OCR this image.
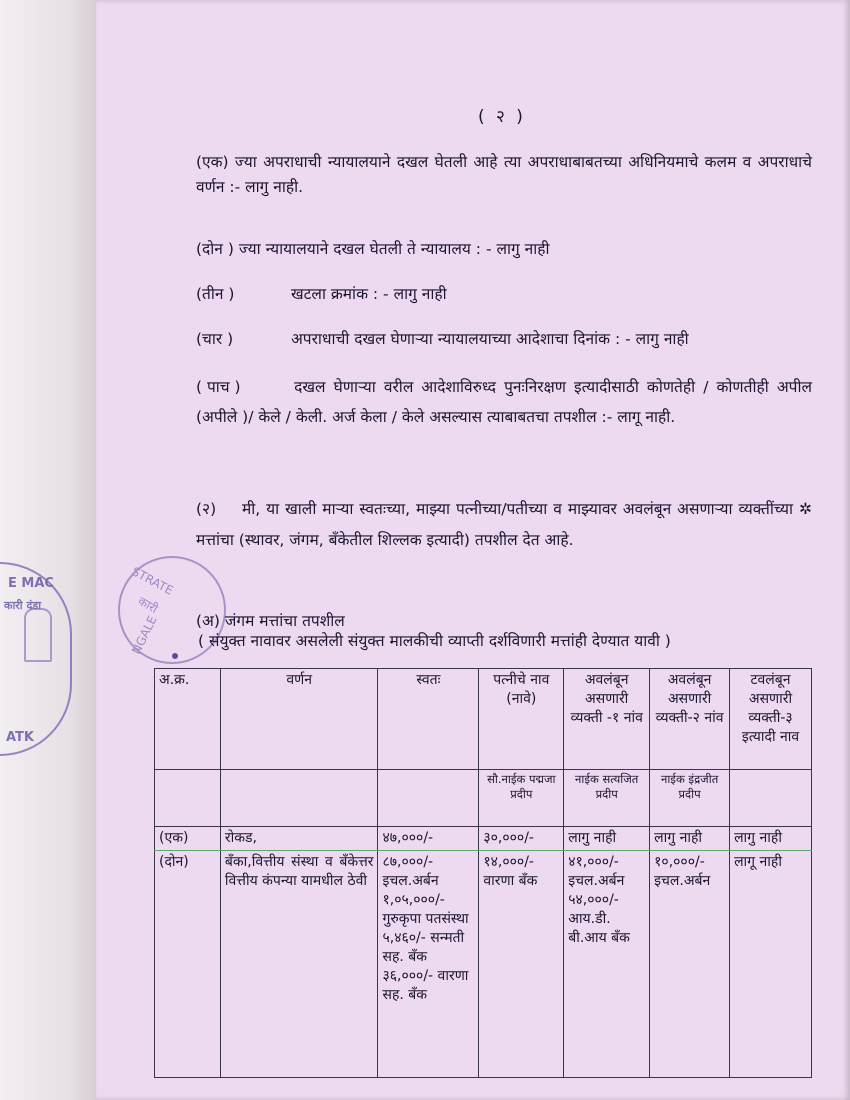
E MAC
कारी दंडा
ATK
STRATE
कारी
NGALE
( २ )
(एक) ज्या अपराधाची न्यायालयाने दखल घेतली आहे त्या अपराधाबाबतच्या अधिनियमाचे कलम व अपराधाचे वर्णन :- लागु नाही.
(दोन ) ज्या न्यायालयाने दखल घेतली ते न्यायालय : - लागु नाही
(तीन )	खटला क्रमांक : - लागु नाही
(चार )	अपराधाची दखल घेणाऱ्या न्यायालयाच्या आदेशाचा दिनांक : - लागु नाही
( पाच )	दखल घेणाऱ्या वरील आदेशाविरुध्द पुनःनिरक्षण इत्यादीसाठी कोणतेही / कोणतीही अपील (अपीले )/ केले / केली. अर्ज केला / केले असल्यास त्याबाबतचा तपशील :- लागू नाही.
(२) मी, या खाली माऱ्या स्वतःच्या, माझ्या पत्नीच्या/पतीच्या व माझ्यावर अवलंबून असणाऱ्या व्यक्तींच्या ✲ मत्तांचा (स्थावर, जंगम, बँकेतील शिल्लक इत्यादी) तपशील देत आहे.
(अ) जंगम मत्तांचा तपशील
( संयुक्त नावावर असलेली संयुक्त मालकीची व्याप्ती दर्शविणारी मत्तांही देण्यात यावी )
अ.क्र.	वर्णन	स्वतः	पत्नीचे नाव (नावे)	अवलंबून असणारी व्यक्ती -१ नांव	अवलंबून असणारी व्यक्ती-२ नांव	टवलंबून असणारी व्यक्ती-३ इत्यादी नाव
			सौ.नाईक पद्मजा प्रदीप	नाईक सत्यजित प्रदीप	नाईक इंद्रजीत प्रदीप	
(एक)	रोकड,	४७,०००/-	३०,०००/-	लागु नाही	लागु नाही	लागु नाही
(दोन)	बँका,वित्तीय संस्था व बँकेत्तर वित्तीय कंपन्या यामधील ठेवी	८७,०००/- इचल.अर्बन १,०५,०००/- गुरुकृपा पतसंस्था ५,४६०/- सन्मती सह. बँक ३६,०००/- वारणा सह. बँक	१४,०००/- वारणा बँक	४१,०००/- इचल.अर्बन ५४,०००/- आय.डी. बी.आय बँक	१०,०००/- इचल.अर्बन	लागू नाही
